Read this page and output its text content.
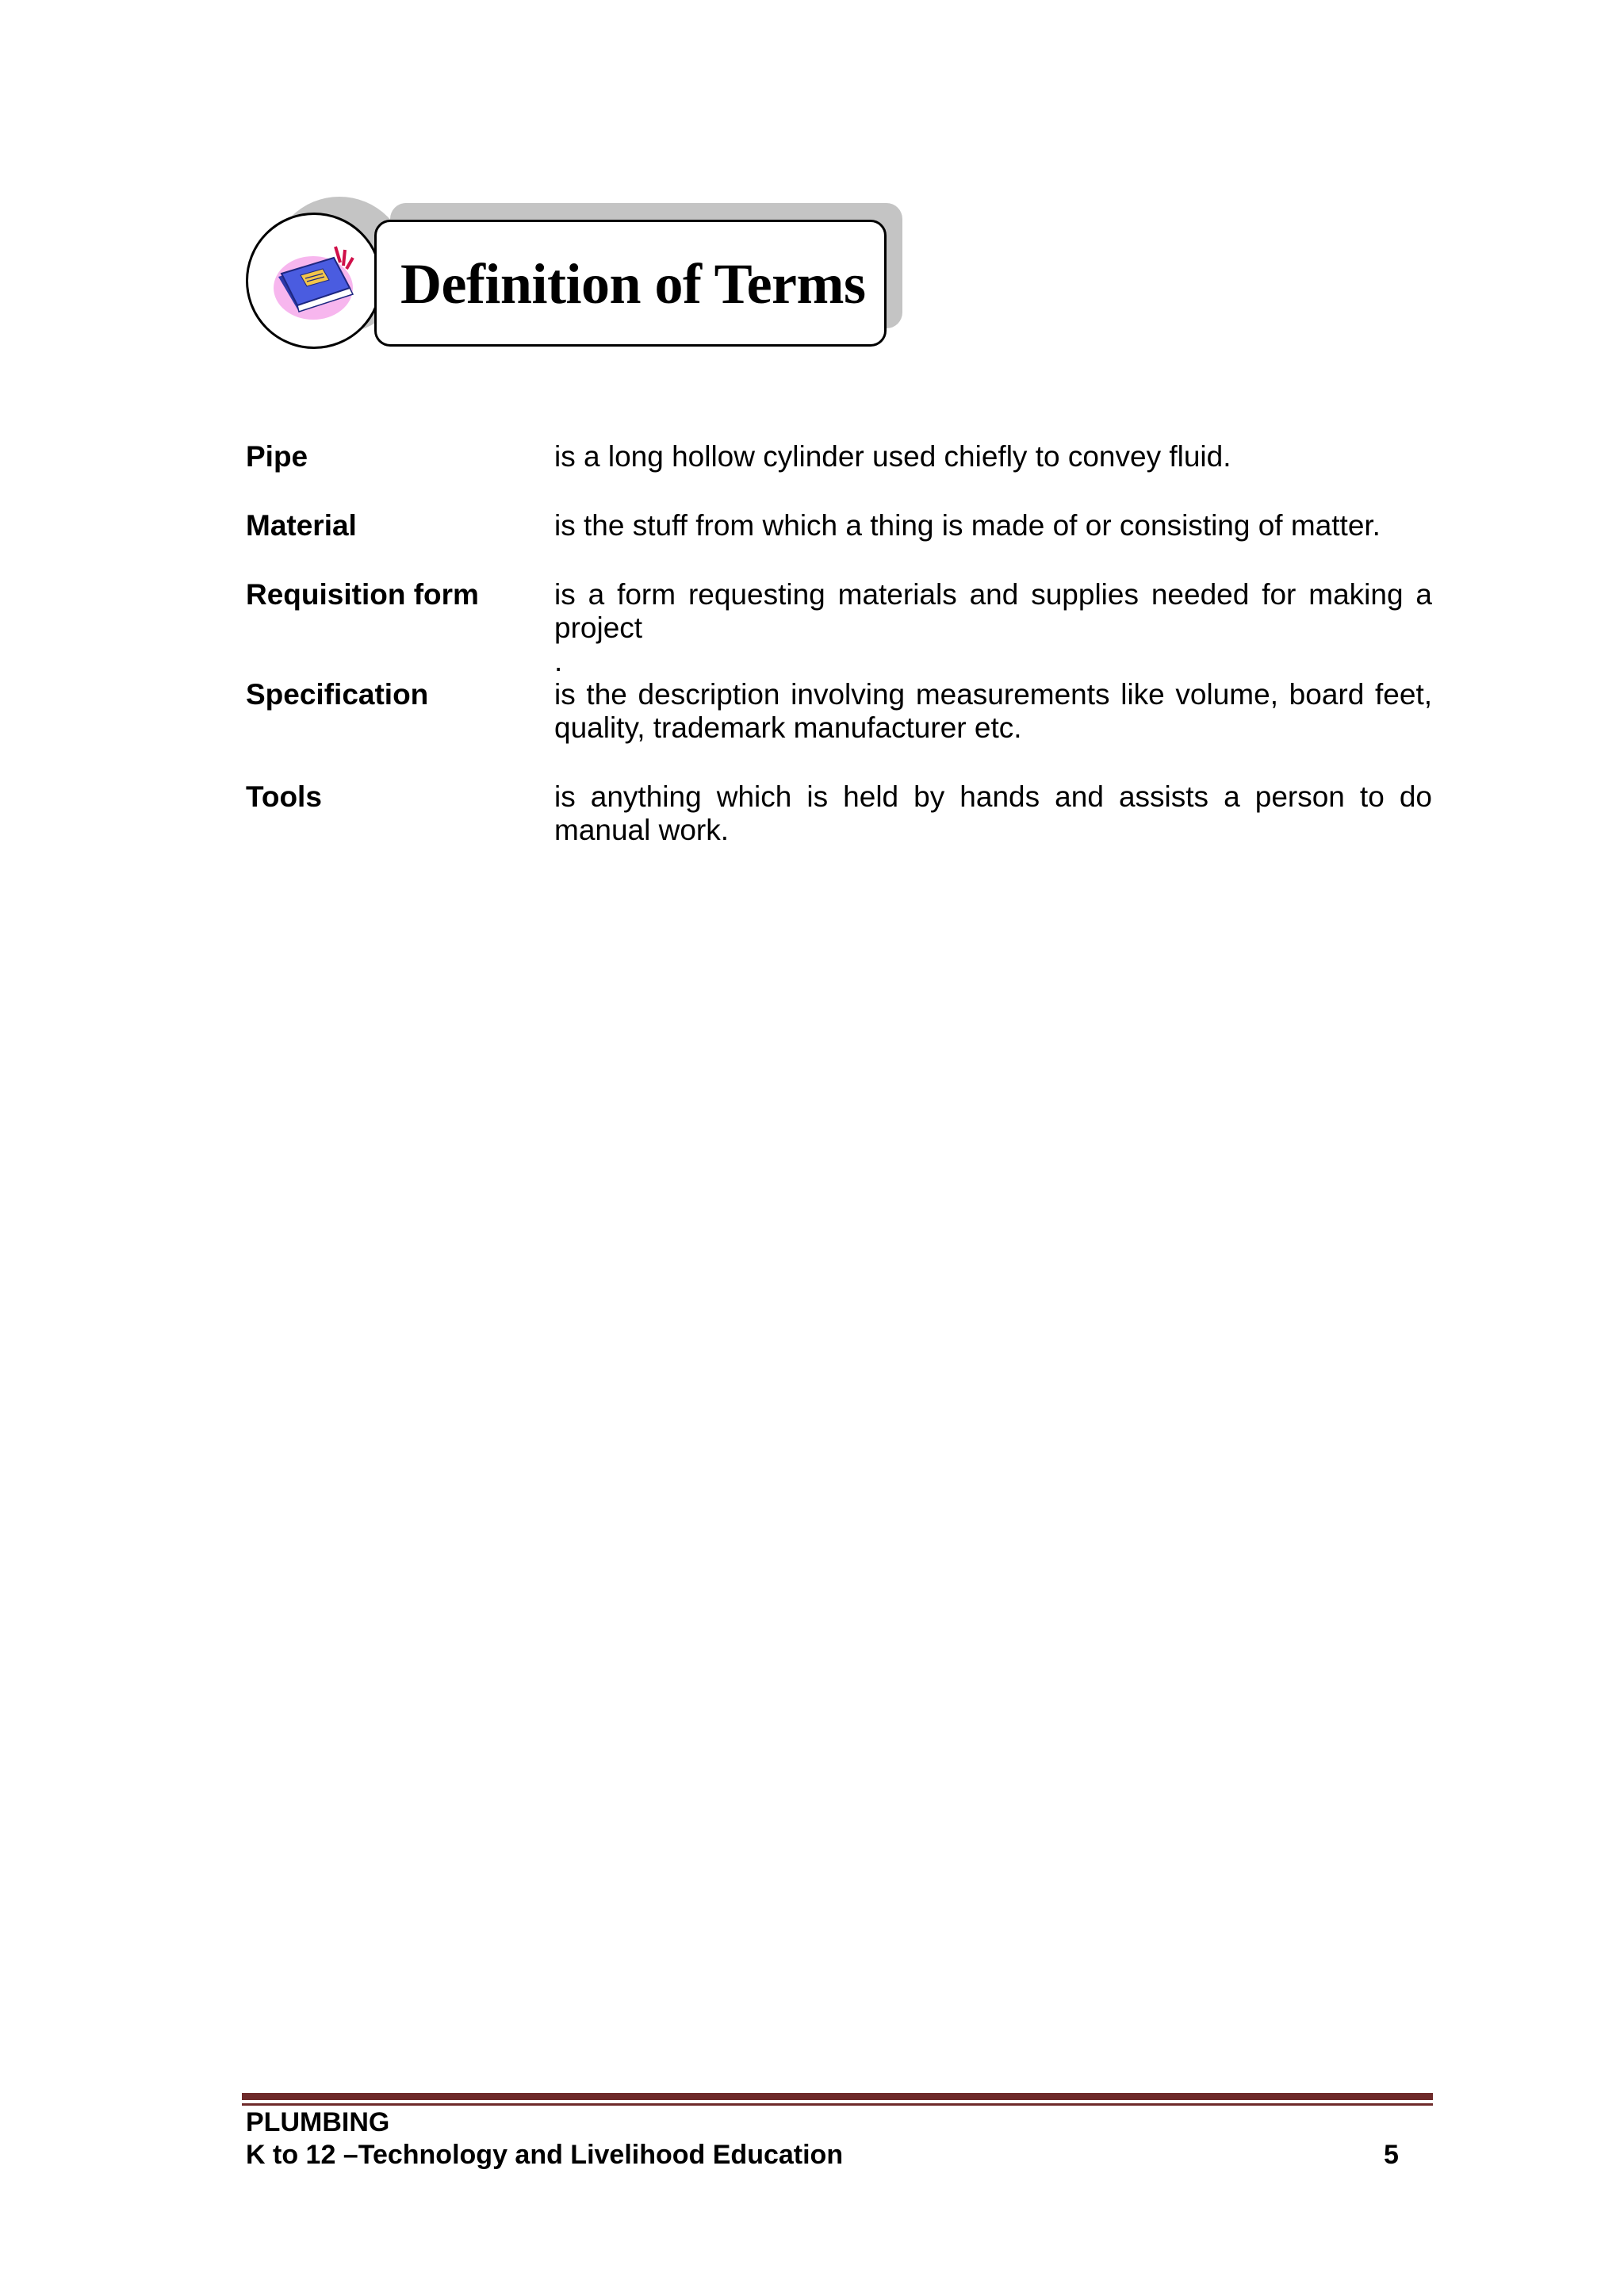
Definition of Terms
Pipe	is a long hollow cylinder used chiefly to convey fluid.
Material	is the stuff from which a thing is made of or consisting of matter.
Requisition form	is a form requesting materials and supplies needed for making a project
.
Specification	is the description involving measurements like volume, board feet, quality, trademark manufacturer etc.
Tools	is anything which is held by hands and assists a person to do manual work.
PLUMBING
K to 12 –Technology and Livelihood Education	5
